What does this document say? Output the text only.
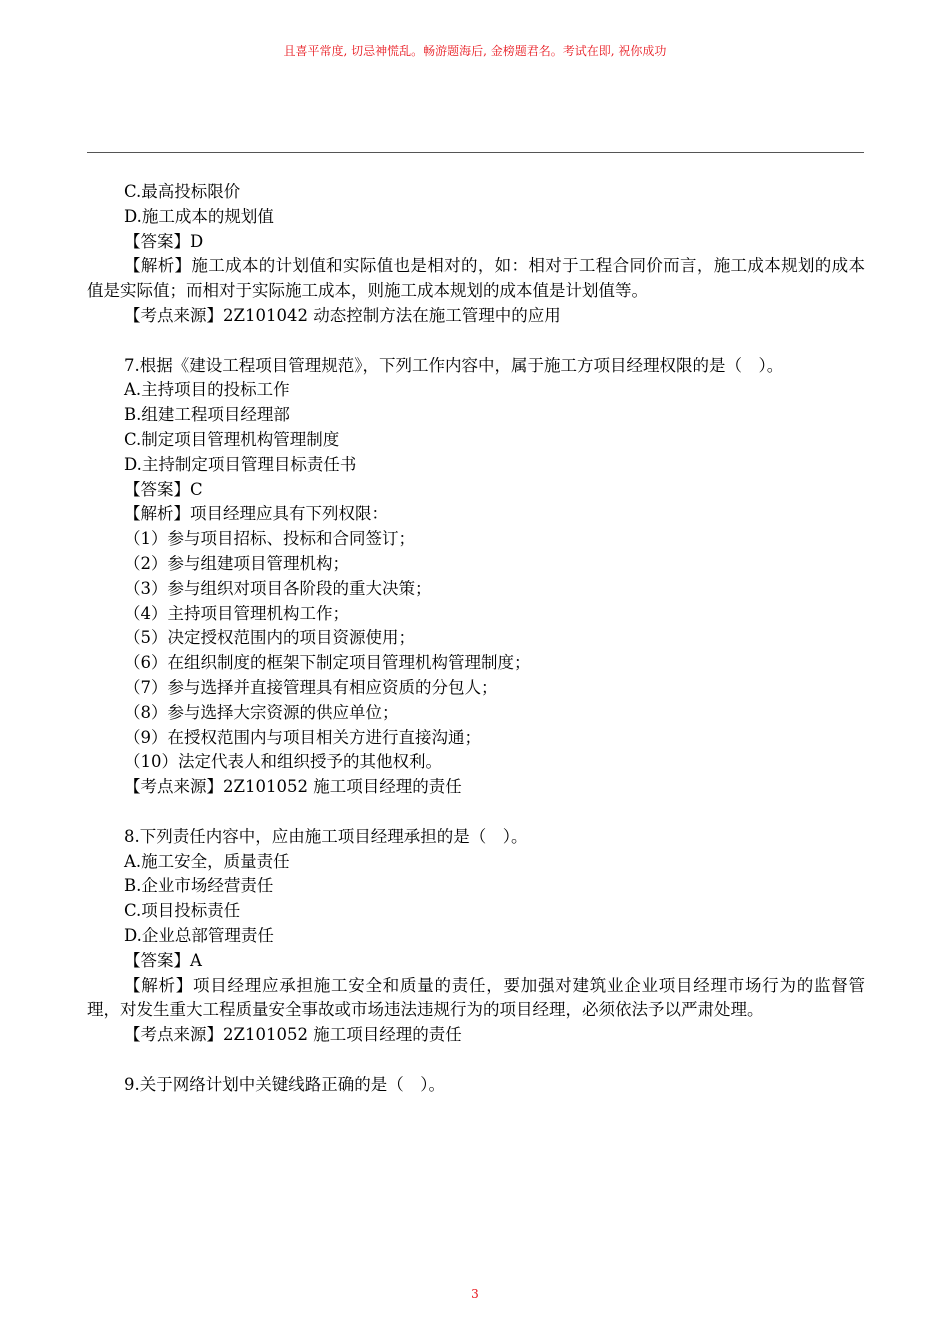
且喜平常度, 切忌神慌乱。畅游题海后, 金榜题君名。考试在即, 祝你成功
C.最高投标限价
D.施工成本的规划值
【答案】D
【解析】施工成本的计划值和实际值也是相对的，如：相对于工程合同价而言，施工成本规划的成本值是实际值；而相对于实际施工成本，则施工成本规划的成本值是计划值等。
【考点来源】2Z101042 动态控制方法在施工管理中的应用
7.根据《建设工程项目管理规范》，下列工作内容中，属于施工方项目经理权限的是（　）。
A.主持项目的投标工作
B.组建工程项目经理部
C.制定项目管理机构管理制度
D.主持制定项目管理目标责任书
【答案】C
【解析】项目经理应具有下列权限：
（1）参与项目招标、投标和合同签订；
（2）参与组建项目管理机构；
（3）参与组织对项目各阶段的重大决策；
（4）主持项目管理机构工作；
（5）决定授权范围内的项目资源使用；
（6）在组织制度的框架下制定项目管理机构管理制度；
（7）参与选择并直接管理具有相应资质的分包人；
（8）参与选择大宗资源的供应单位；
（9）在授权范围内与项目相关方进行直接沟通；
（10）法定代表人和组织授予的其他权利。
【考点来源】2Z101052 施工项目经理的责任
8.下列责任内容中，应由施工项目经理承担的是（　）。
A.施工安全，质量责任
B.企业市场经营责任
C.项目投标责任
D.企业总部管理责任
【答案】A
【解析】项目经理应承担施工安全和质量的责任，要加强对建筑业企业项目经理市场行为的监督管理，对发生重大工程质量安全事故或市场违法违规行为的项目经理，必须依法予以严肃处理。
【考点来源】2Z101052 施工项目经理的责任
9.关于网络计划中关键线路正确的是（　）。
3
